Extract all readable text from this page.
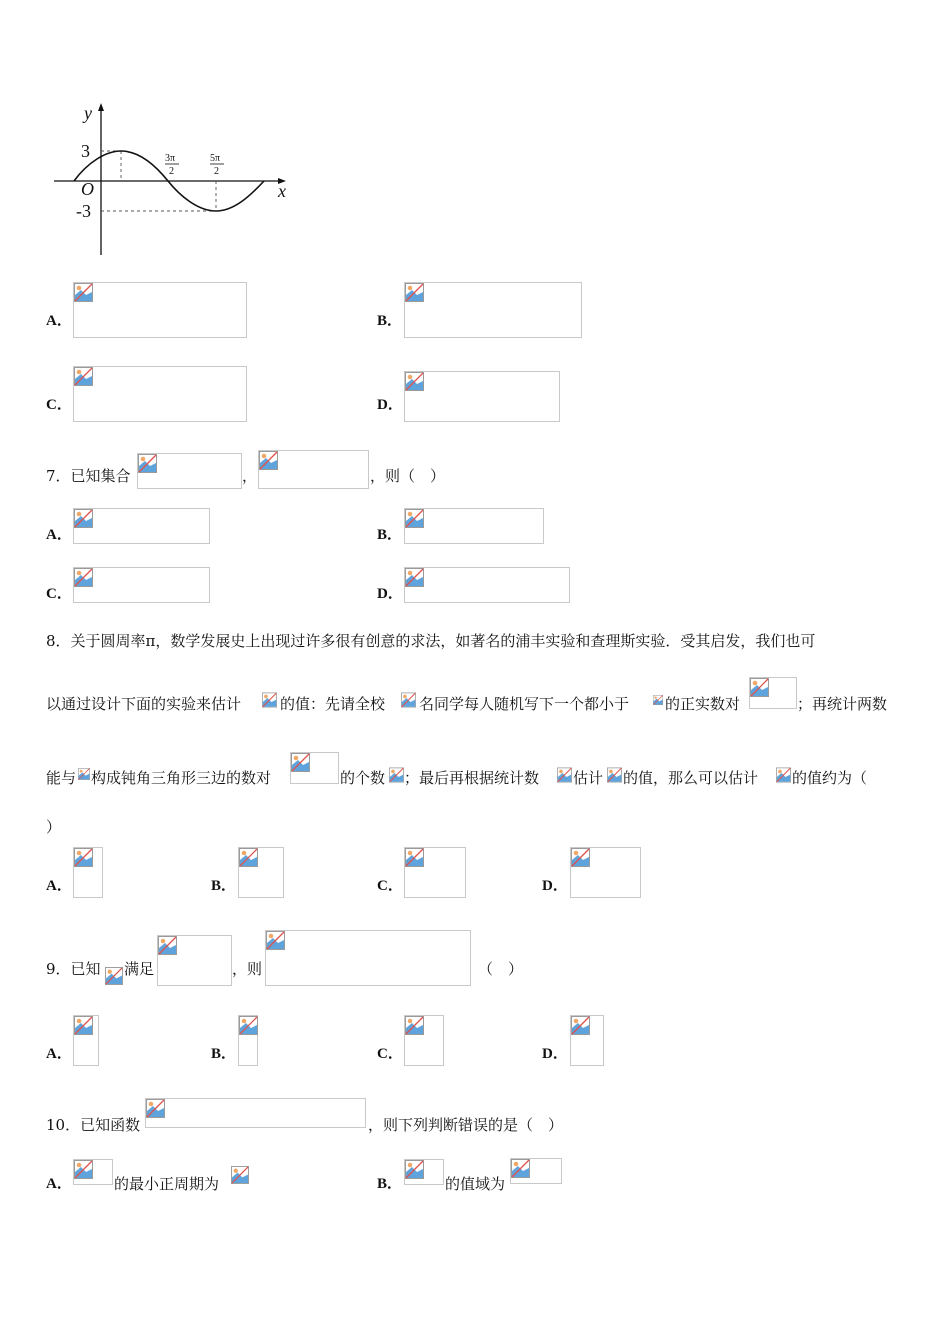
y
x
O
3
-3
3π
2
5π
2
A．	B．
C．	D．
7．已知集合	，	，则（　）
A．	B．
C．	D．
8．关于圆周率π，数学发展史上出现过许多很有创意的求法，如著名的浦丰实验和查理斯实验．受其启发，我们也可
以通过设计下面的实验来估计	的值：先请全校 名同学每人随机写下一个都小于 的正实数对	；再统计两数
能与 构成钝角三角形三边的数对	的个数 ；最后再根据统计数 估计 的值，那么可以估计 的值约为（
）
A．	B．	C．	D．
9．已知 满足	，则	（　）
A．	B．	C．	D．
10．已知函数	，则下列判断错误的是（　）
A．	的最小正周期为	B．	的值域为
